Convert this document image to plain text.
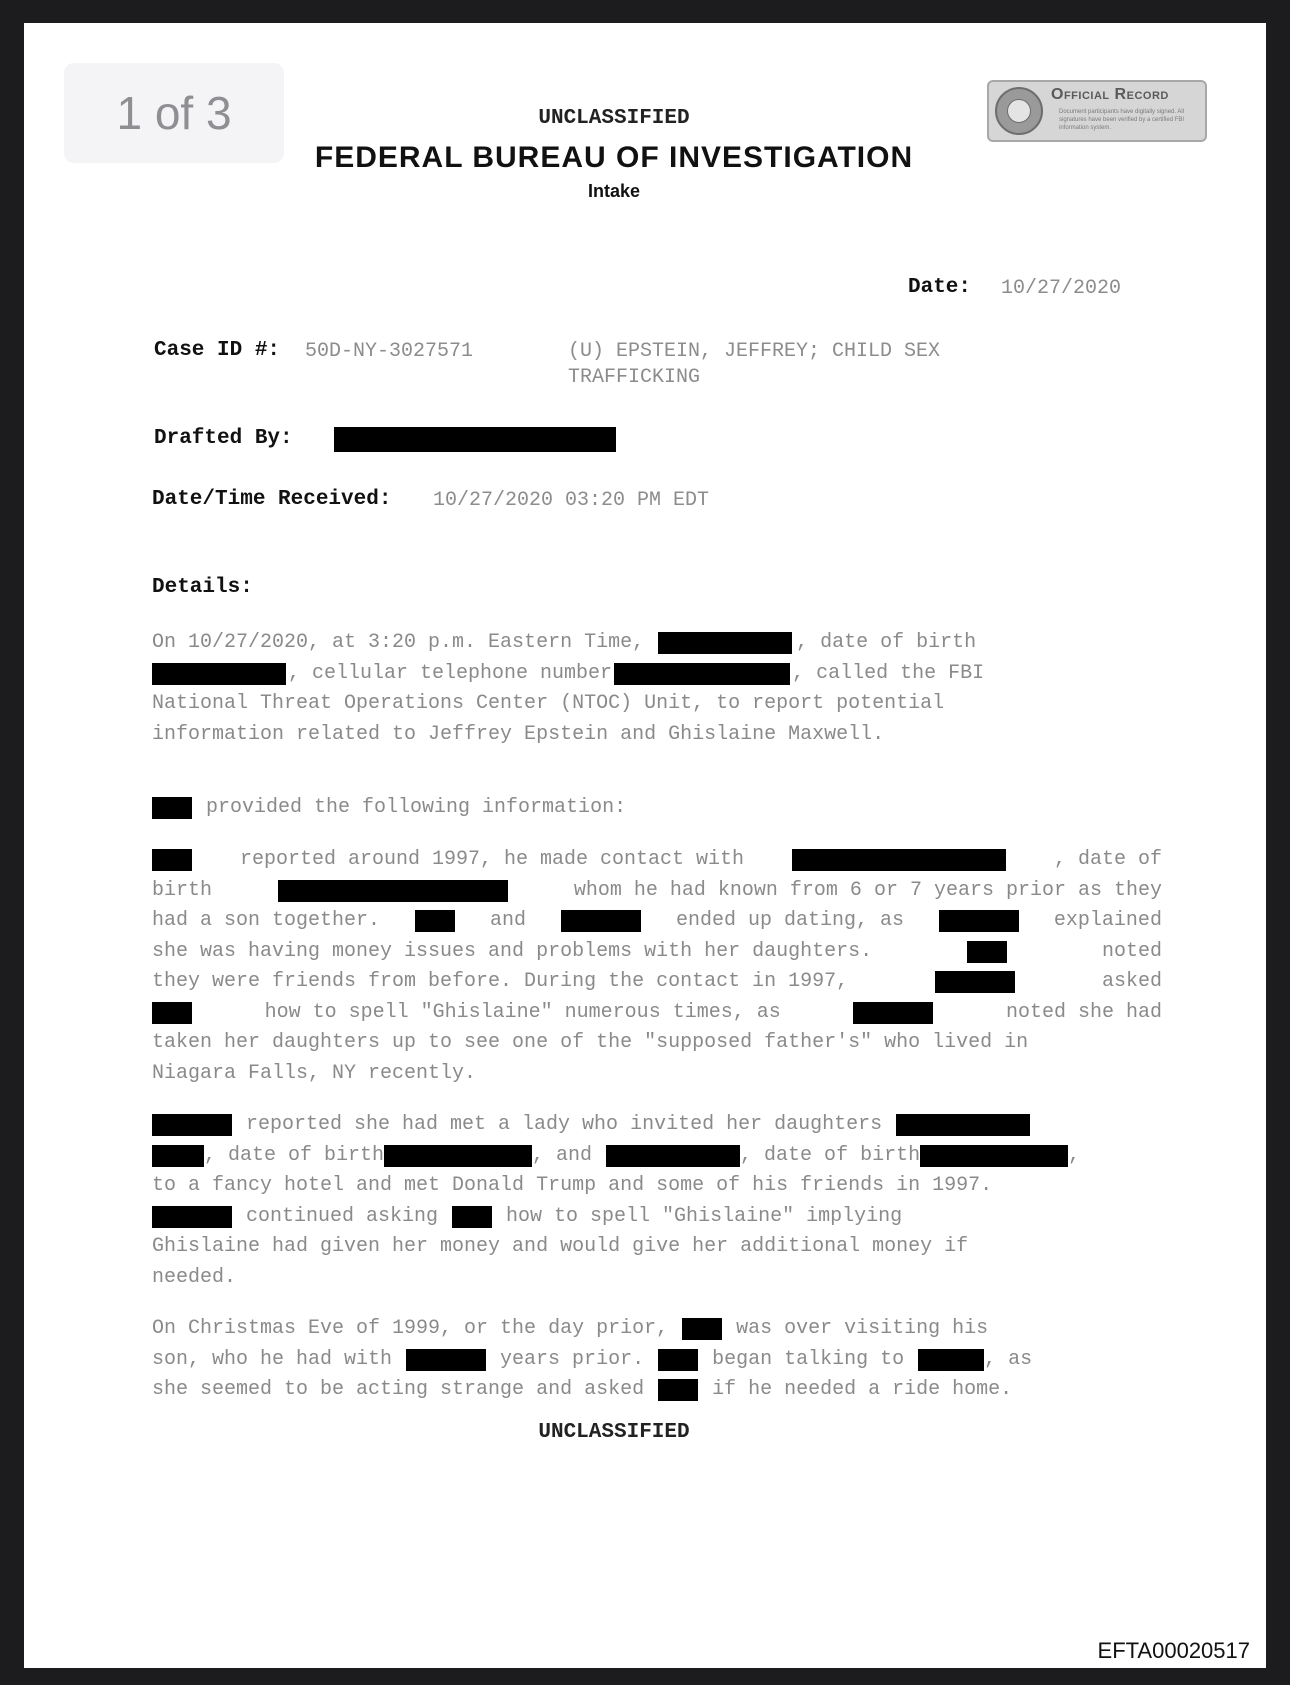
1 of 3	Official Record
Document participants have digitally signed. All signatures have been verified by a certified FBI information system.
UNCLASSIFIED
FEDERAL BUREAU OF INVESTIGATION
Intake
Date: 10/27/2020
Case ID #: 50D-NY-3027571	(U) EPSTEIN, JEFFREY; CHILD SEX
TRAFFICKING
Drafted By:
Date/Time Received: 10/27/2020 03:20 PM EDT
Details:
On 10/27/2020, at 3:20 p.m. Eastern Time,	, date of birth
, cellular telephone number	, called the FBI
National Threat Operations Center (NTOC) Unit, to report potential
information related to Jeffrey Epstein and Ghislaine Maxwell.
provided the following information:
reported around 1997, he made contact with	, date of
birth	whom he had known from 6 or 7 years prior as they
had a son together.	and	ended up dating, as	explained
she was having money issues and problems with her daughters.	noted
they were friends from before. During the contact in 1997,	asked
how to spell "Ghislaine" numerous times, as	noted she had
taken her daughters up to see one of the "supposed father's" who lived in
Niagara Falls, NY recently.
reported she had met a lady who invited her daughters
, date of birth	, and	, date of birth	,
to a fancy hotel and met Donald Trump and some of his friends in 1997.
continued asking	how to spell "Ghislaine" implying
Ghislaine had given her money and would give her additional money if
needed.
On Christmas Eve of 1999, or the day prior,	was over visiting his
son, who he had with	years prior.	began talking to	, as
she seemed to be acting strange and asked	if he needed a ride home.
UNCLASSIFIED
EFTA00020517
